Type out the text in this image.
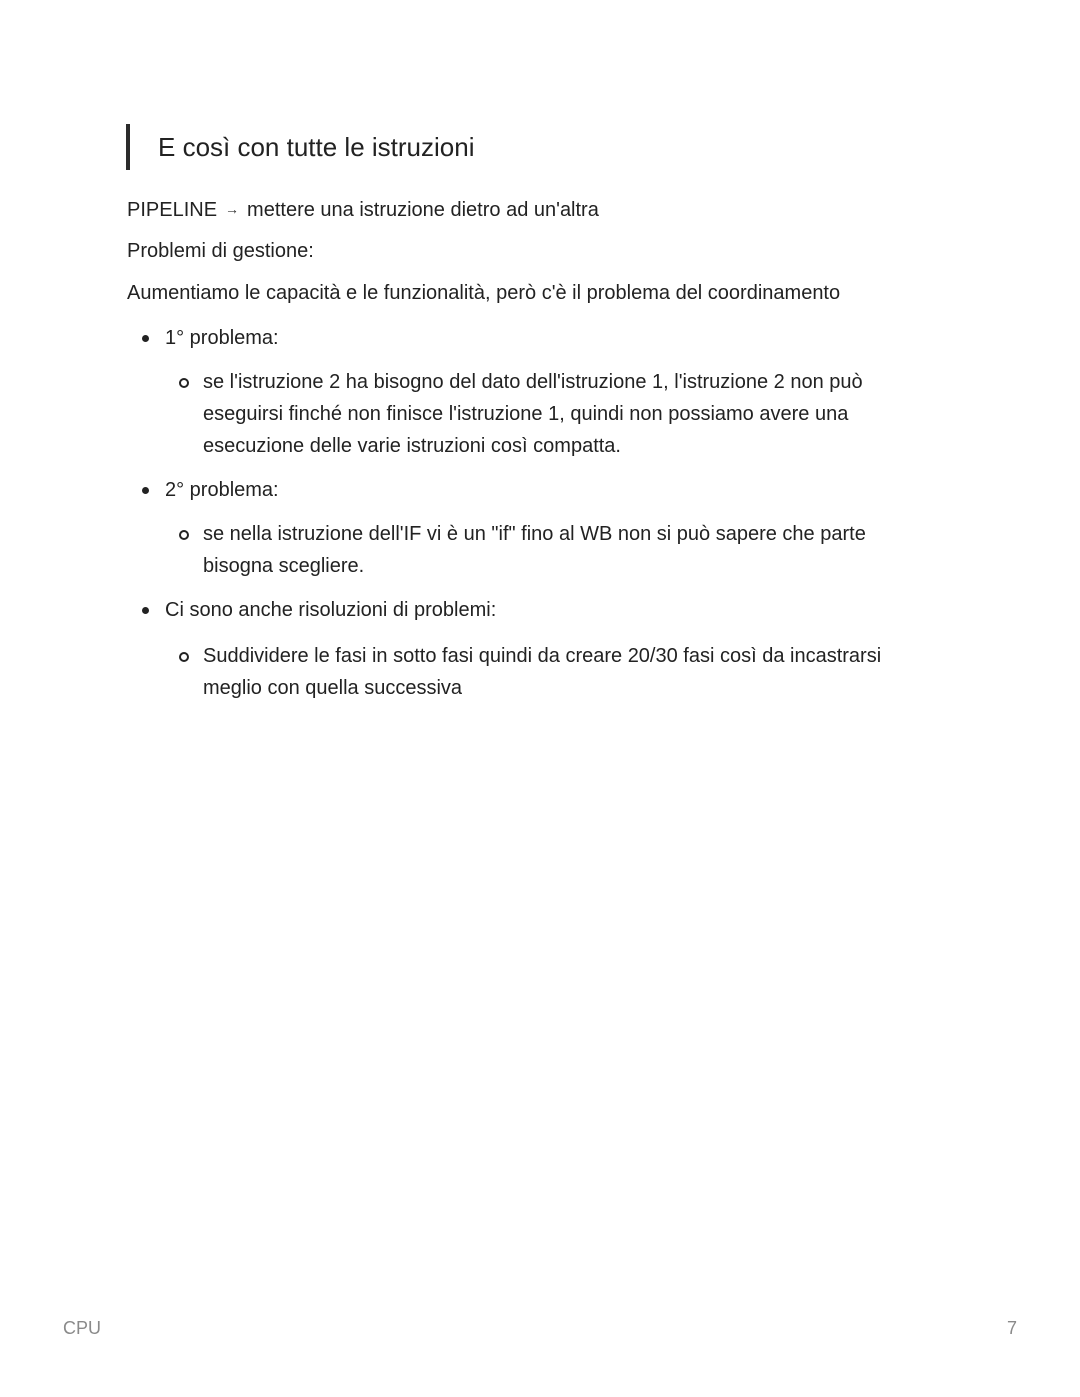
E così con tutte le istruzioni
PIPELINE → mettere una istruzione dietro ad un'altra
Problemi di gestione:
Aumentiamo le capacità e le funzionalità, però c'è il problema del coordinamento
1° problema:
se l'istruzione 2 ha bisogno del dato dell'istruzione 1, l'istruzione 2 non può eseguirsi finché non finisce l'istruzione 1, quindi non possiamo avere una esecuzione delle varie istruzioni così compatta.
2° problema:
se nella istruzione dell'IF vi è un "if" fino al WB non si può sapere che parte bisogna scegliere.
Ci sono anche risoluzioni di problemi:
Suddividere le fasi in sotto fasi quindi da creare 20/30 fasi così da incastrarsi meglio con quella successiva
CPU	7
